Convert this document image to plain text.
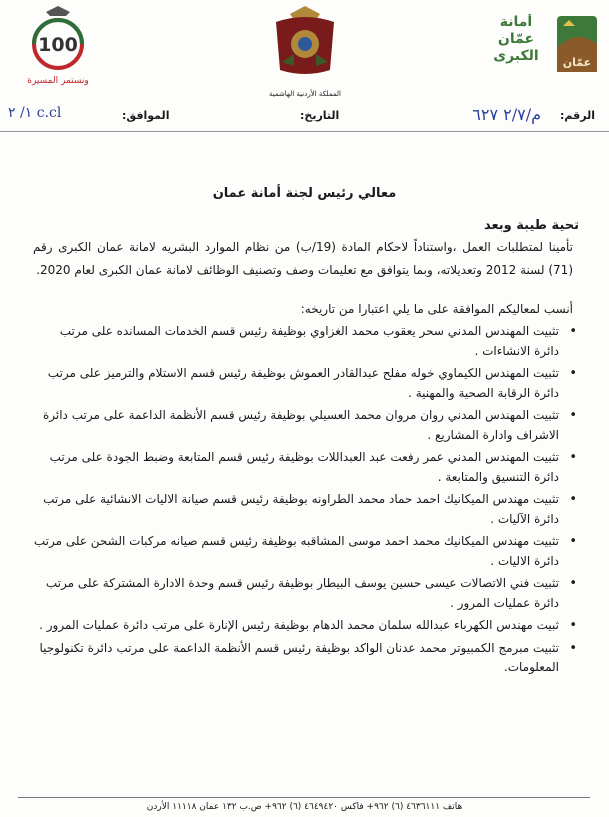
عمّان
أمانة عمّان الكبرى
المملكة الأردنية الهاشمية
100
ونستمر المسيرة
الرقم:
م/٢/٧ ٦٢٧
التاريخ:
الموافق:
c.cl ١/ ٢
معالي رئيس لجنة أمانة عمان
تحية طيبة وبعد
تأمينا لمتطلبات العمل ،واستناداً لاحكام المادة (19/ب) من نظام الموارد البشريه لامانة عمان الكبرى رقم (71) لسنة 2012 وتعديلاته، وبما يتوافق مع تعليمات وصف وتصنيف الوظائف لامانة عمان الكبرى لعام 2020.
أنسب لمعاليكم الموافقة على ما يلي اعتبارا من تاريخه:
• تثبيت المهندس المدني سحر يعقوب محمد الغزاوي بوظيفة رئيس قسم الخدمات المسانده على مرتب دائرة الانشاءات .
• تثبيت المهندس الكيماوي خوله مفلح عبدالقادر العموش بوظيفة رئيس قسم الاستلام والترميز على مرتب دائرة الرقابة الصحية والمهنية .
• تثبيت المهندس المدني روان مروان محمد العسيلي بوظيفة رئيس قسم الأنظمة الداعمة على مرتب دائرة الاشراف وادارة المشاريع .
• تثبيت المهندس المدني عمر رفعت عبد العبداللات بوظيفة رئيس قسم المتابعة وضبط الجودة على مرتب دائرة التنسيق والمتابعة .
• تثبيت مهندس الميكانيك احمد حماد محمد الطراونه بوظيفة رئيس قسم صيانة الاليات الانشائية على مرتب دائرة الآليات .
• تثبيت مهندس الميكانيك محمد احمد موسى المشاقبه بوظيفة رئيس قسم صيانه مركبات الشحن على مرتب دائرة الاليات .
• تثبيت فني الاتصالات عيسى حسين يوسف البيطار بوظيفة رئيس قسم وحدة الادارة المشتركة على مرتب دائرة عمليات المرور .
• ثبيت مهندس الكهرباء عبدالله سلمان محمد الدهام بوظيفة رئيس الإنارة على مرتب دائرة عمليات المرور .
• تثبيت مبرمج الكمبيوتر محمد عدنان الواكد بوظيفة رئيس قسم الأنظمة الداعمة على مرتب دائرة تكنولوجيا المعلومات.
هاتف ٤٦٣٦١١١ (٦) ٩٦٢+ فاكس ٤٦٤٩٤٢٠ (٦) ٩٦٢+ ص.ب ١٣٢ عمان ١١١١٨ الأردن
